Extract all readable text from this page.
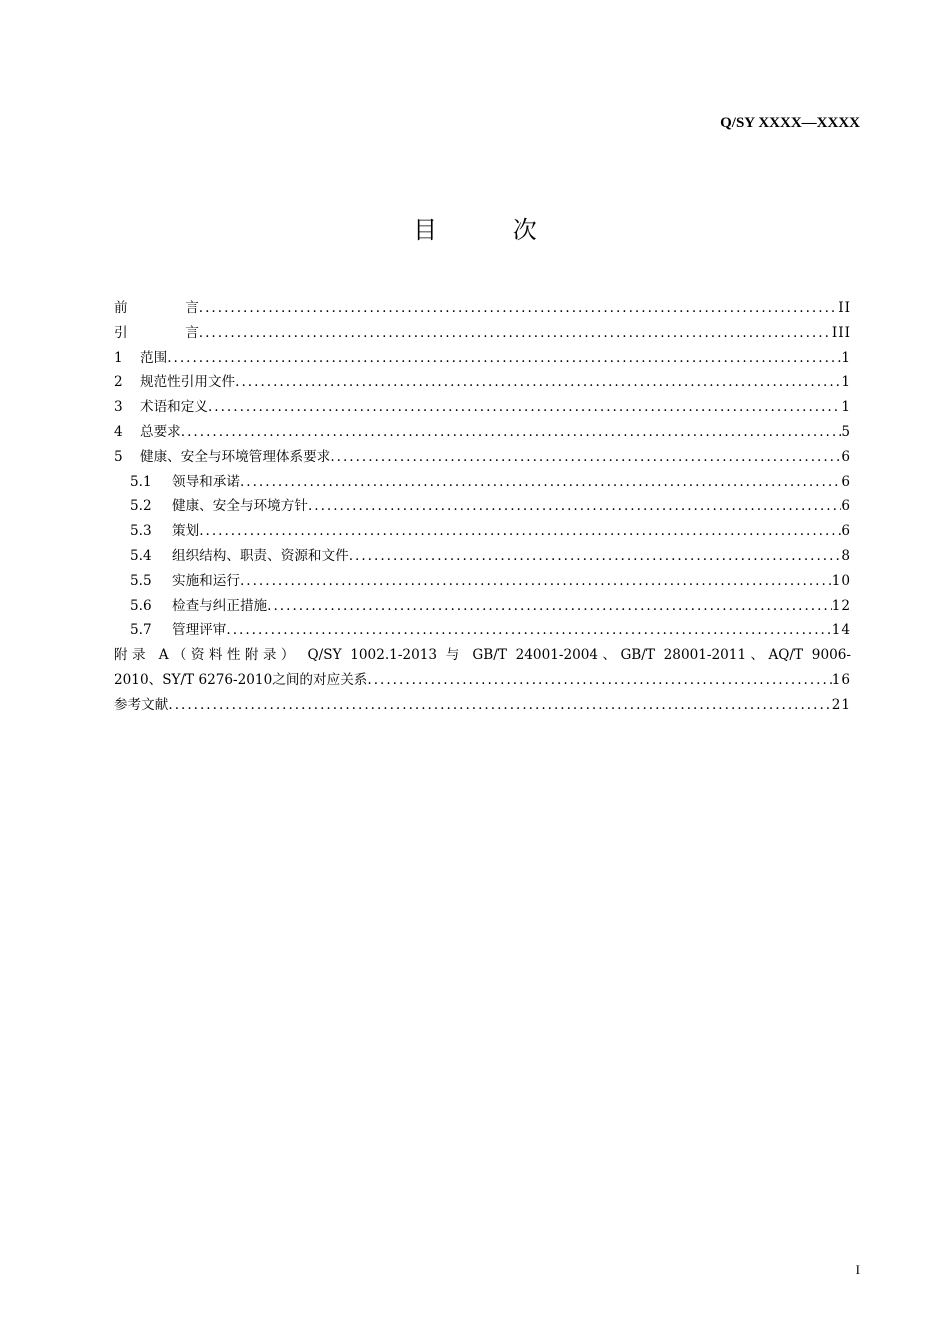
Q/SY XXXX—XXXX
目 次
前	言 .....	II
引	言 .....	III
1 范围 .....	1
2 规范性引用文件 .....	1
3 术语和定义 .....	1
4 总要求 .....	5
5 健康、安全与环境管理体系要求 .....	6
5.1 领导和承诺 .....	6
5.2 健康、安全与环境方针 .....	6
5.3 策划 .....	6
5.4 组织结构、职责、资源和文件 .....	8
5.5 实施和运行 .....	10
5.6 检查与纠正措施 .....	12
5.7 管理评审 .....	14
附录 A（资料性附录） Q/SY 1002.1-2013 与 GB/T 24001-2004、GB/T 28001-2011、AQ/T 9006-
2010、SY/T 6276-2010之间的对应关系 .....	16
参考文献 .....	21
I
